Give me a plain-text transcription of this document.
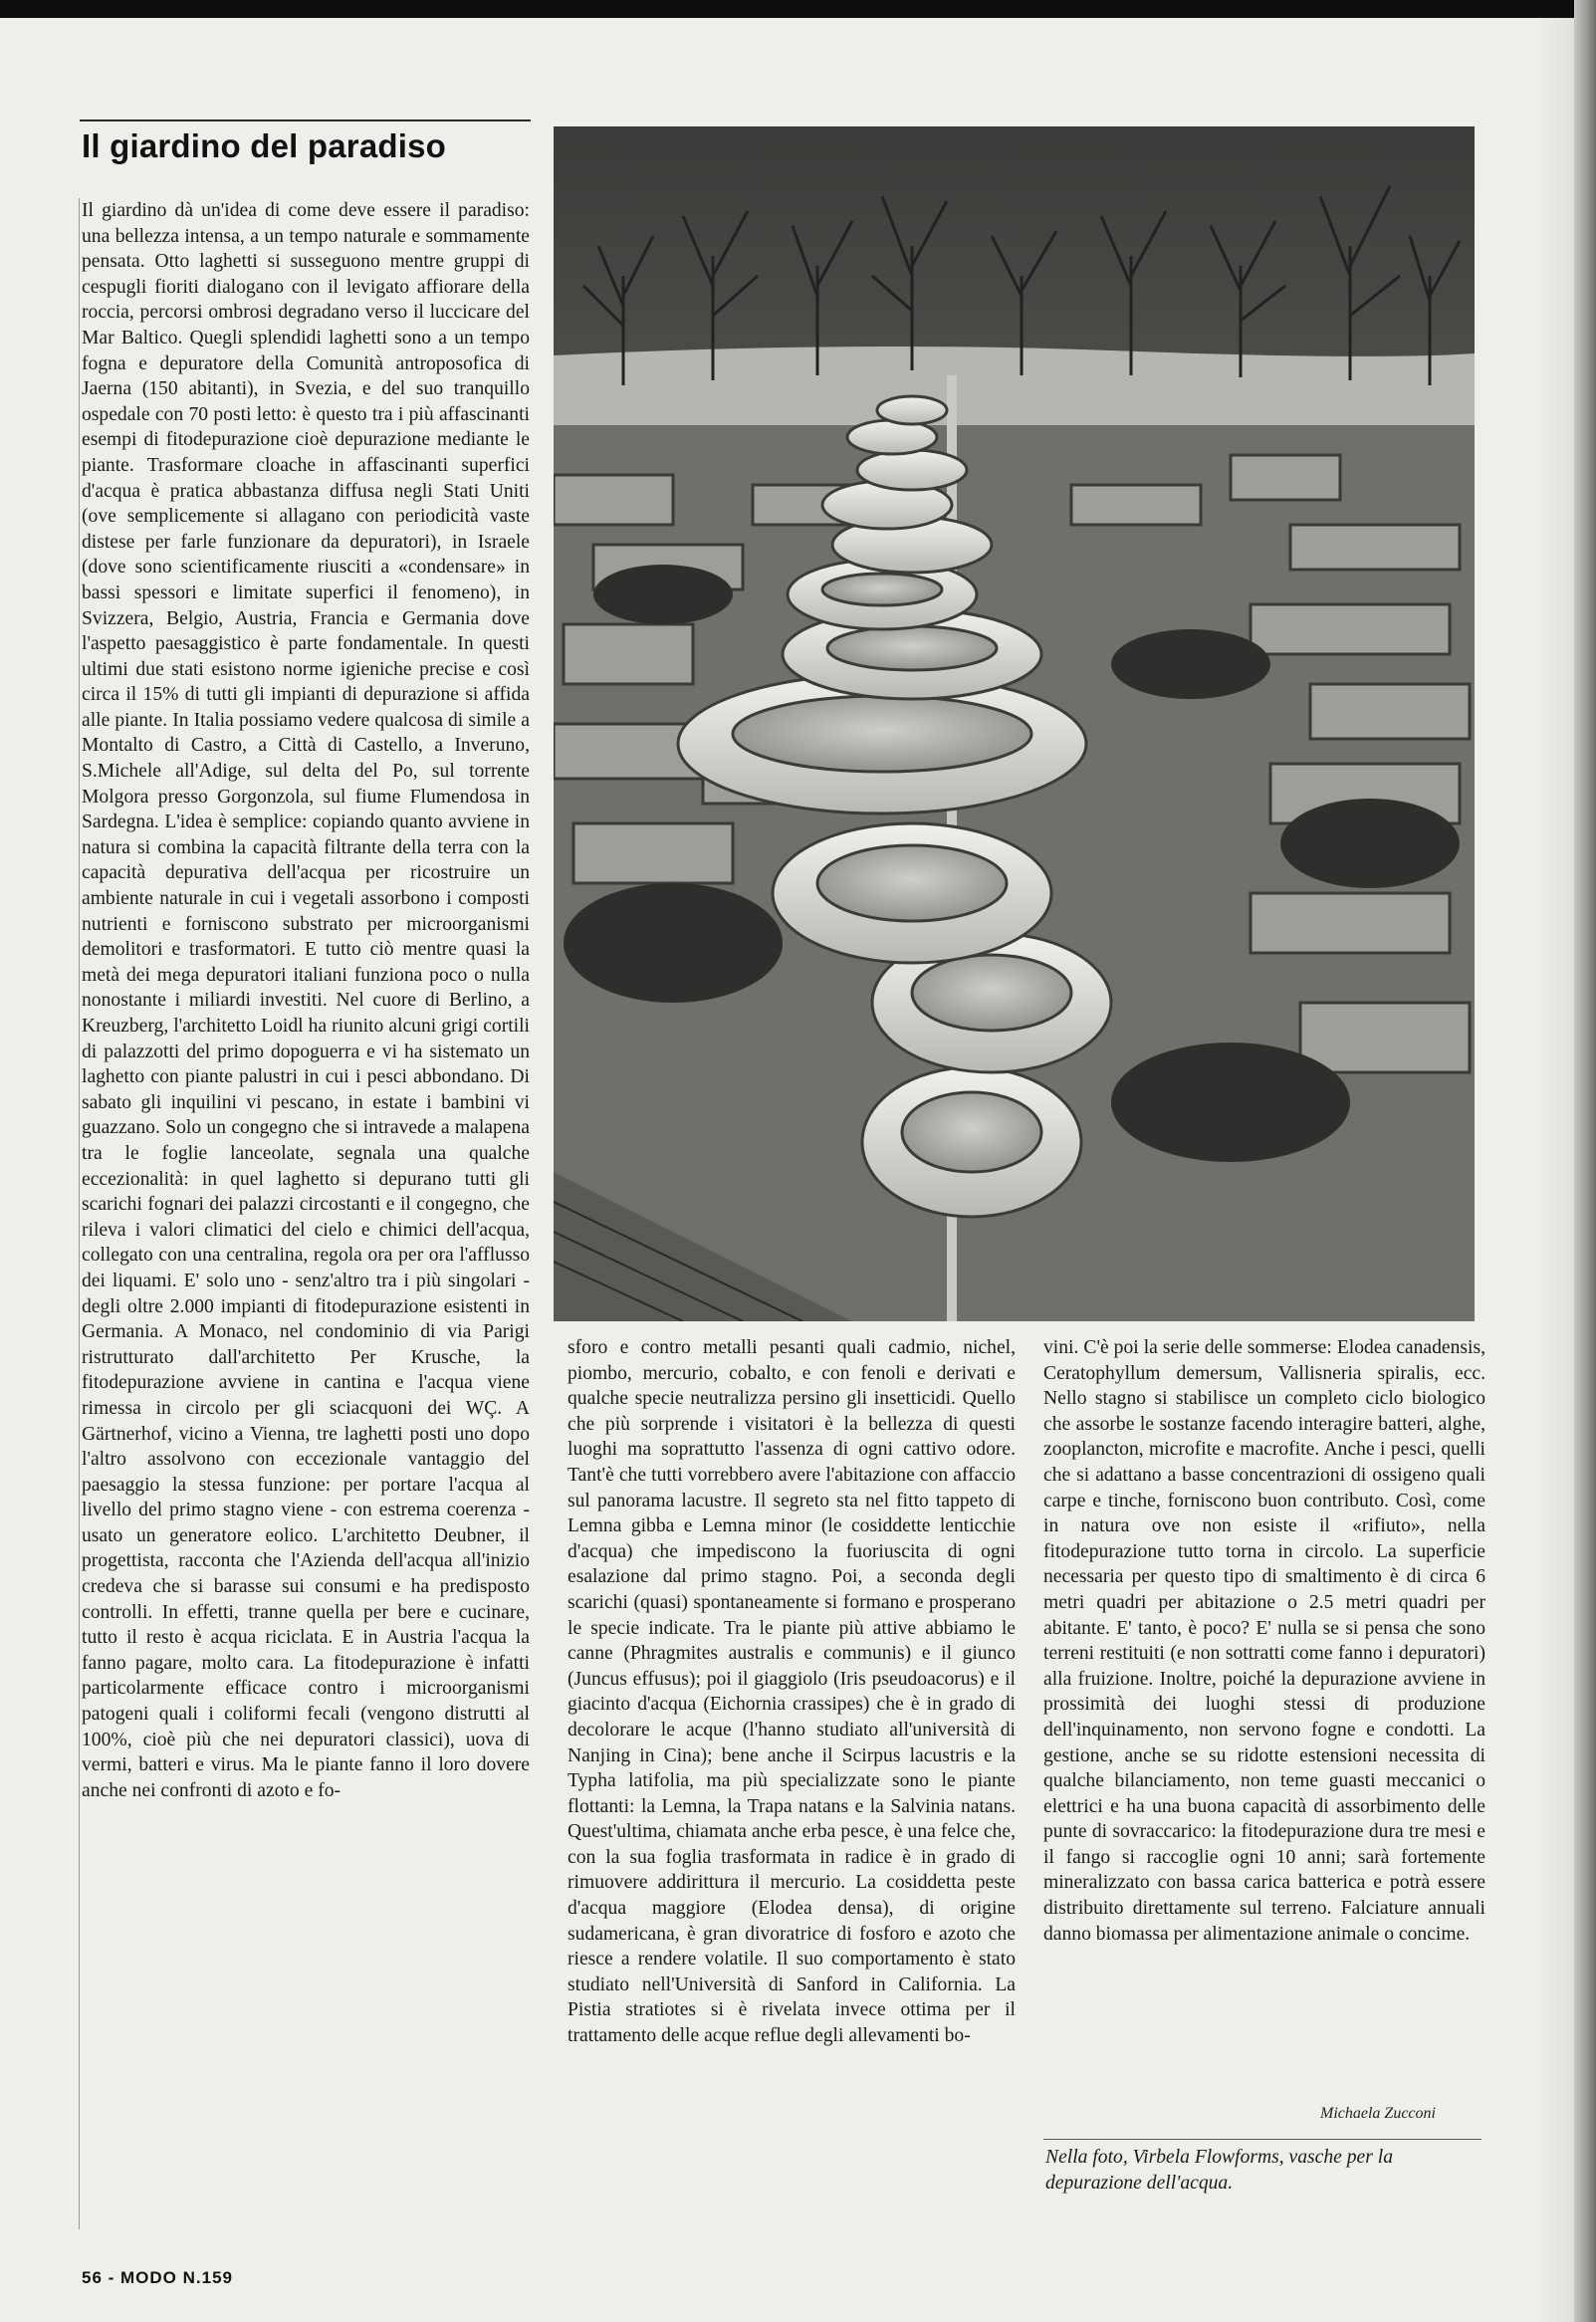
Il giardino del paradiso

Il giardino dà un'idea di come deve essere il paradiso: una bellezza intensa, a un tempo naturale e sommamente pensata. Otto laghetti si susseguono mentre gruppi di cespugli fioriti dialogano con il levigato affiorare della roccia, percorsi ombrosi degradano verso il luccicare del Mar Baltico. Quegli splendidi laghetti sono a un tempo fogna e depuratore della Comunità antroposofica di Jaerna (150 abitanti), in Svezia, e del suo tranquillo ospedale con 70 posti letto: è questo tra i più affascinanti esempi di fitodepurazione cioè depurazione mediante le piante. Trasformare cloache in affascinanti superfici d'acqua è pratica abbastanza diffusa negli Stati Uniti (ove semplicemente si allagano con periodicità vaste distese per farle funzionare da depuratori), in Israele (dove sono scientificamente riusciti a «condensare» in bassi spessori e limitate superfici il fenomeno), in Svizzera, Belgio, Austria, Francia e Germania dove l'aspetto paesaggistico è parte fondamentale. In questi ultimi due stati esistono norme igieniche precise e così circa il 15% di tutti gli impianti di depurazione si affida alle piante. In Italia possiamo vedere qualcosa di simile a Montalto di Castro, a Città di Castello, a Inveruno, S.Michele all'Adige, sul delta del Po, sul torrente Molgora presso Gorgonzola, sul fiume Flumendosa in Sardegna. L'idea è semplice: copiando quanto avviene in natura si combina la capacità filtrante della terra con la capacità depurativa dell'acqua per ricostruire un ambiente naturale in cui i vegetali assorbono i composti nutrienti e forniscono substrato per microorganismi demolitori e trasformatori. E tutto ciò mentre quasi la metà dei mega depuratori italiani funziona poco o nulla nonostante i miliardi investiti. Nel cuore di Berlino, a Kreuzberg, l'architetto Loidl ha riunito alcuni grigi cortili di palazzotti del primo dopoguerra e vi ha sistemato un laghetto con piante palustri in cui i pesci abbondano. Di sabato gli inquilini vi pescano, in estate i bambini vi guazzano. Solo un congegno che si intravede a malapena tra le foglie lanceolate, segnala una qualche eccezionalità: in quel laghetto si depurano tutti gli scarichi fognari dei palazzi circostanti e il congegno, che rileva i valori climatici del cielo e chimici dell'acqua, collegato con una centralina, regola ora per ora l'afflusso dei liquami. E' solo uno - senz'altro tra i più singolari - degli oltre 2.000 impianti di fitodepurazione esistenti in Germania. A Monaco, nel condominio di via Parigi ristrutturato dall'architetto Per Krusche, la fitodepurazione avviene in cantina e l'acqua viene rimessa in circolo per gli sciacquoni dei WÇ. A Gärtnerhof, vicino a Vienna, tre laghetti posti uno dopo l'altro assolvono con eccezionale vantaggio del paesaggio la stessa funzione: per portare l'acqua al livello del primo stagno viene - con estrema coerenza - usato un generatore eolico. L'architetto Deubner, il progettista, racconta che l'Azienda dell'acqua all'inizio credeva che si barasse sui consumi e ha predisposto controlli. In effetti, tranne quella per bere e cucinare, tutto il resto è acqua riciclata. E in Austria l'acqua la fanno pagare, molto cara. La fitodepurazione è infatti particolarmente efficace contro i microorganismi patogeni quali i coliformi fecali (vengono distrutti al 100%, cioè più che nei depuratori classici), uova di vermi, batteri e virus. Ma le piante fanno il loro dovere anche nei confronti di azoto e fo-

sforo e contro metalli pesanti quali cadmio, nichel, piombo, mercurio, cobalto, e con fenoli e derivati e qualche specie neutralizza persino gli insetticidi. Quello che più sorprende i visitatori è la bellezza di questi luoghi ma soprattutto l'assenza di ogni cattivo odore. Tant'è che tutti vorrebbero avere l'abitazione con affaccio sul panorama lacustre. Il segreto sta nel fitto tappeto di Lemna gibba e Lemna minor (le cosiddette lenticchie d'acqua) che impediscono la fuoriuscita di ogni esalazione dal primo stagno. Poi, a seconda degli scarichi (quasi) spontaneamente si formano e prosperano le specie indicate. Tra le piante più attive abbiamo le canne (Phragmites australis e communis) e il giunco (Juncus effusus); poi il giaggiolo (Iris pseudoacorus) e il giacinto d'acqua (Eichornia crassipes) che è in grado di decolorare le acque (l'hanno studiato all'università di Nanjing in Cina); bene anche il Scirpus lacustris e la Typha latifolia, ma più specializzate sono le piante flottanti: la Lemna, la Trapa natans e la Salvinia natans. Quest'ultima, chiamata anche erba pesce, è una felce che, con la sua foglia trasformata in radice è in grado di rimuovere addirittura il mercurio. La cosiddetta peste d'acqua maggiore (Elodea densa), di origine sudamericana, è gran divoratrice di fosforo e azoto che riesce a rendere volatile. Il suo comportamento è stato studiato nell'Università di Sanford in California. La Pistia stratiotes si è rivelata invece ottima per il trattamento delle acque reflue degli allevamenti bo-

vini. C'è poi la serie delle sommerse: Elodea canadensis, Ceratophyllum demersum, Vallisneria spiralis, ecc. Nello stagno si stabilisce un completo ciclo biologico che assorbe le sostanze facendo interagire batteri, alghe, zooplancton, microfite e macrofite. Anche i pesci, quelli che si adattano a basse concentrazioni di ossigeno quali carpe e tinche, forniscono buon contributo. Così, come in natura ove non esiste il «rifiuto», nella fitodepurazione tutto torna in circolo. La superficie necessaria per questo tipo di smaltimento è di circa 6 metri quadri per abitazione o 2.5 metri quadri per abitante. E' tanto, è poco? E' nulla se si pensa che sono terreni restituiti (e non sottratti come fanno i depuratori) alla fruizione. Inoltre, poiché la depurazione avviene in prossimità dei luoghi stessi di produzione dell'inquinamento, non servono fogne e condotti. La gestione, anche se su ridotte estensioni necessita di qualche bilanciamento, non teme guasti meccanici o elettrici e ha una buona capacità di assorbimento delle punte di sovraccarico: la fitodepurazione dura tre mesi e il fango si raccoglie ogni 10 anni; sarà fortemente mineralizzato con bassa carica batterica e potrà essere distribuito direttamente sul terreno. Falciature annuali danno biomassa per alimentazione animale o concime.

Michaela Zucconi

Nella foto, Virbela Flowforms, vasche per la depurazione dell'acqua.

56 - MODO N.159
